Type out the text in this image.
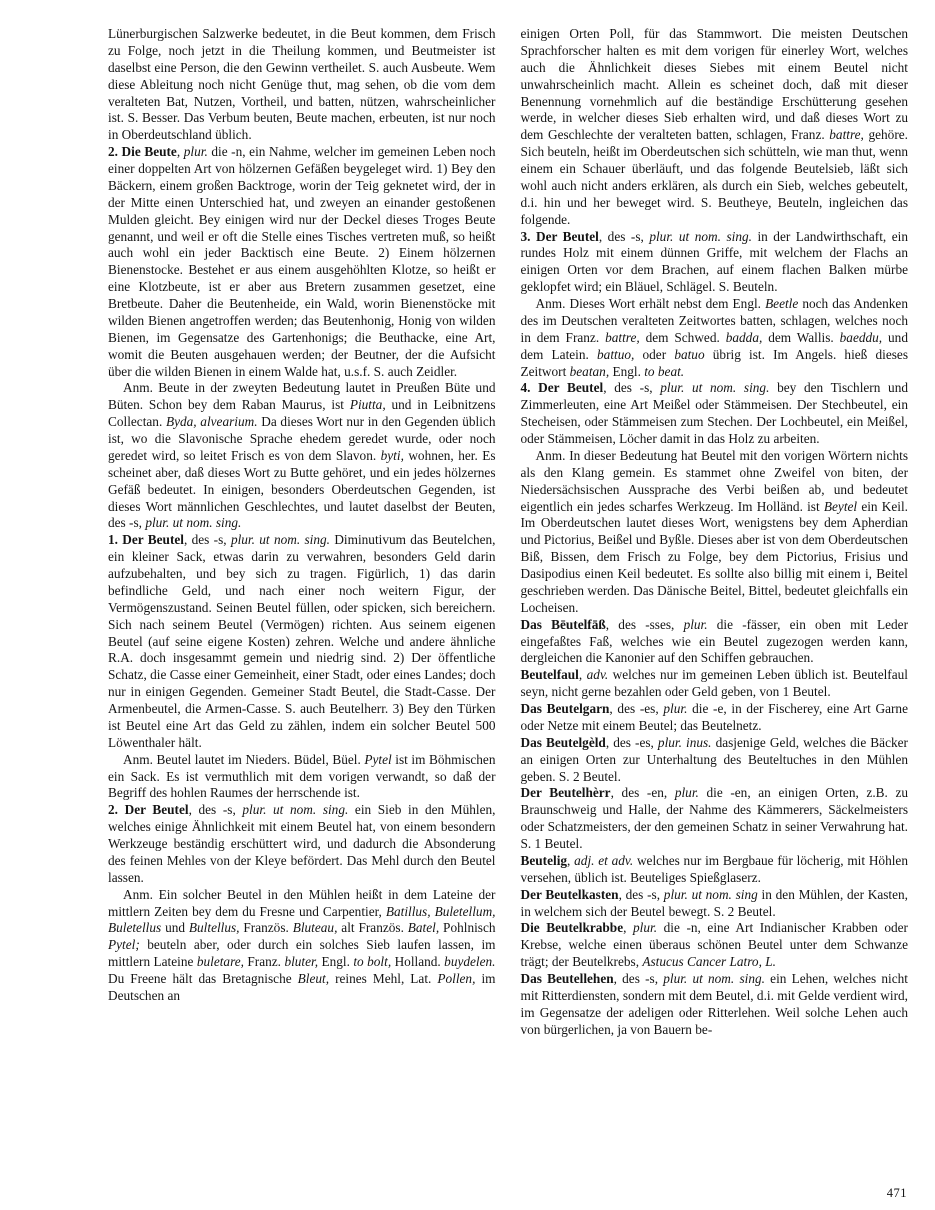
Lünerburgischen Salzwerke bedeutet, in die Beut kommen, dem Frisch zu Folge, noch jetzt in die Theilung kommen, und Beutmeister ist daselbst eine Person, die den Gewinn vertheilet. S. auch Ausbeute. Wem diese Ableitung noch nicht Genüge thut, mag sehen, ob die vom dem veralteten Bat, Nutzen, Vortheil, und batten, nützen, wahrscheinlicher ist. S. Besser. Das Verbum beuten, Beute machen, erbeuten, ist nur noch in Oberdeutschland üblich.

2. Die Beute, plur. die -n, ein Nahme, welcher im gemeinen Leben noch einer doppelten Art von hölzernen Gefäßen beygeleget wird. 1) Bey den Bäckern, einem großen Backtroge, worin der Teig geknetet wird, der in der Mitte einen Unterschied hat, und zweyen an einander gestoßenen Mulden gleicht. Bey einigen wird nur der Deckel dieses Troges Beute genannt, und weil er oft die Stelle eines Tisches vertreten muß, so heißt auch wohl ein jeder Backtisch eine Beute. 2) Einem hölzernen Bienenstocke. Bestehet er aus einem ausgehöhlten Klotze, so heißt er eine Klotzbeute, ist er aber aus Bretern zusammen gesetzet, eine Bretbeute. Daher die Beutenheide, ein Wald, worin Bienenstöcke mit wilden Bienen angetroffen werden; das Beutenhonig, Honig von wilden Bienen, im Gegensatze des Gartenhonigs; die Beuthacke, eine Art, womit die Beuten ausgehauen werden; der Beutner, der die Aufsicht über die wilden Bienen in einem Walde hat, u.s.f. S. auch Zeidler.

Anm. Beute in der zweyten Bedeutung lautet in Preußen Büte und Büten. Schon bey dem Raban Maurus, ist Piutta, und in Leibnitzens Collectan. Byda, alvearium. Da dieses Wort nur in den Gegenden üblich ist, wo die Slavonische Sprache ehedem geredet wurde, oder noch geredet wird, so leitet Frisch es von dem Slavon. byti, wohnen, her. Es scheinet aber, daß dieses Wort zu Butte gehöret, und ein jedes hölzernes Gefäß bedeutet. In einigen, besonders Oberdeutschen Gegenden, ist dieses Wort männlichen Geschlechtes, und lautet daselbst der Beuten, des -s, plur. ut nom. sing.

1. Der Beutel, des -s, plur. ut nom. sing. Diminutivum das Beutelchen, ein kleiner Sack, etwas darin zu verwahren, besonders Geld darin aufzubehalten, und bey sich zu tragen. Figürlich, 1) das darin befindliche Geld, und nach einer noch weitern Figur, der Vermögenszustand. Seinen Beutel füllen, oder spicken, sich bereichern. Sich nach seinem Beutel (Vermögen) richten. Aus seinem eigenen Beutel (auf seine eigene Kosten) zehren. Welche und andere ähnliche R.A. doch insgesammt gemein und niedrig sind. 2) Der öffentliche Schatz, die Casse einer Gemeinheit, einer Stadt, oder eines Landes; doch nur in einigen Gegenden. Gemeiner Stadt Beutel, die Stadt-Casse. Der Armenbeutel, die Armen-Casse. S. auch Beutelherr. 3) Bey den Türken ist Beutel eine Art das Geld zu zählen, indem ein solcher Beutel 500 Löwenthaler hält.

Anm. Beutel lautet im Nieders. Büdel, Büel. Pytel ist im Böhmischen ein Sack. Es ist vermuthlich mit dem vorigen verwandt, so daß der Begriff des hohlen Raumes der herrschende ist.

2. Der Beutel, des -s, plur. ut nom. sing. ein Sieb in den Mühlen, welches einige Ähnlichkeit mit einem Beutel hat, von einem besondern Werkzeuge beständig erschüttert wird, und dadurch die Absonderung des feinen Mehles von der Kleye befördert. Das Mehl durch den Beutel lassen.

Anm. Ein solcher Beutel in den Mühlen heißt in dem Lateine der mittlern Zeiten bey dem du Fresne und Carpentier, Batillus, Buletellum, Buletellus und Bultellus, Französ. Bluteau, alt Französ. Batel, Pohlnisch Pytel; beuteln aber, oder durch ein solches Sieb laufen lassen, im mittlern Lateine buletare, Franz. bluter, Engl. to bolt, Holland. buydelen. Du Freene hält das Bretagnische Bleut, reines Mehl, Lat. Pollen, im Deutschen an

einigen Orten Poll, für das Stammwort. Die meisten Deutschen Sprachforscher halten es mit dem vorigen für einerley Wort, welches auch die Ähnlichkeit dieses Siebes mit einem Beutel nicht unwahrscheinlich macht. Allein es scheinet doch, daß mit dieser Benennung vornehmlich auf die beständige Erschütterung gesehen werde, in welcher dieses Sieb erhalten wird, und daß dieses Wort zu dem Geschlechte der veralteten batten, schlagen, Franz. battre, gehöre. Sich beuteln, heißt im Oberdeutschen sich schütteln, wie man thut, wenn einem ein Schauer überläuft, und das folgende Beutelsieb, läßt sich wohl auch nicht anders erklären, als durch ein Sieb, welches gebeutelt, d.i. hin und her beweget wird. S. Beutheye, Beuteln, ingleichen das folgende.

3. Der Beutel, des -s, plur. ut nom. sing. in der Landwirthschaft, ein rundes Holz mit einem dünnen Griffe, mit welchem der Flachs an einigen Orten vor dem Brachen, auf einem flachen Balken mürbe geklopfet wird; ein Bläuel, Schlägel. S. Beuteln.

Anm. Dieses Wort erhält nebst dem Engl. Beetle noch das Andenken des im Deutschen veralteten Zeitwortes batten, schlagen, welches noch in dem Franz. battre, dem Schwed. badda, dem Wallis. baeddu, und dem Latein. battuo, oder batuo übrig ist. Im Angels. hieß dieses Zeitwort beatan, Engl. to beat.

4. Der Beutel, des -s, plur. ut nom. sing. bey den Tischlern und Zimmerleuten, eine Art Meißel oder Stämmeisen. Der Stechbeutel, ein Stecheisen, oder Stämmeisen zum Stechen. Der Lochbeutel, ein Meißel, oder Stämmeisen, Löcher damit in das Holz zu arbeiten.

Anm. In dieser Bedeutung hat Beutel mit den vorigen Wörtern nichts als den Klang gemein. Es stammet ohne Zweifel von biten, der Niedersächsischen Aussprache des Verbi beißen ab, und bedeutet eigentlich ein jedes scharfes Werkzeug. Im Holländ. ist Beytel ein Keil. Im Oberdeutschen lautet dieses Wort, wenigstens bey dem Apherdian und Pictorius, Beißel und Byßle. Dieses aber ist von dem Oberdeutschen Biß, Bissen, dem Frisch zu Folge, bey dem Pictorius, Frisius und Dasipodius einen Keil bedeutet. Es sollte also billig mit einem i, Beitel geschrieben werden. Das Dänische Beitel, Bittel, bedeutet gleichfalls ein Locheisen.

Das Bēutelfāß, des -sses, plur. die -fässer, ein oben mit Leder eingefaßtes Faß, welches wie ein Beutel zugezogen werden kann, dergleichen die Kanonier auf den Schiffen gebrauchen.

Beutelfaul, adv. welches nur im gemeinen Leben üblich ist. Beutelfaul seyn, nicht gerne bezahlen oder Geld geben, von 1 Beutel.

Das Beutelgarn, des -es, plur. die -e, in der Fischerey, eine Art Garne oder Netze mit einem Beutel; das Beutelnetz.

Das Beutelgèld, des -es, plur. inus. dasjenige Geld, welches die Bäcker an einigen Orten zur Unterhaltung des Beuteltuches in den Mühlen geben. S. 2 Beutel.

Der Beutelhèrr, des -en, plur. die -en, an einigen Orten, z.B. zu Braunschweig und Halle, der Nahme des Kämmerers, Säckelmeisters oder Schatzmeisters, der den gemeinen Schatz in seiner Verwahrung hat. S. 1 Beutel.

Beutelig, adj. et adv. welches nur im Bergbaue für löcherig, mit Höhlen versehen, üblich ist. Beuteliges Spießglaserz.

Der Beutelkasten, des -s, plur. ut nom. sing in den Mühlen, der Kasten, in welchem sich der Beutel bewegt. S. 2 Beutel.

Die Beutelkrabbe, plur. die -n, eine Art Indianischer Krabben oder Krebse, welche einen überaus schönen Beutel unter dem Schwanze trägt; der Beutelkrebs, Astucus Cancer Latro, L.

Das Beutellehen, des -s, plur. ut nom. sing. ein Lehen, welches nicht mit Ritterdiensten, sondern mit dem Beutel, d.i. mit Gelde verdient wird, im Gegensatze der adeligen oder Ritterlehen. Weil solche Lehen auch von bürgerlichen, ja von Bauern be-

471
